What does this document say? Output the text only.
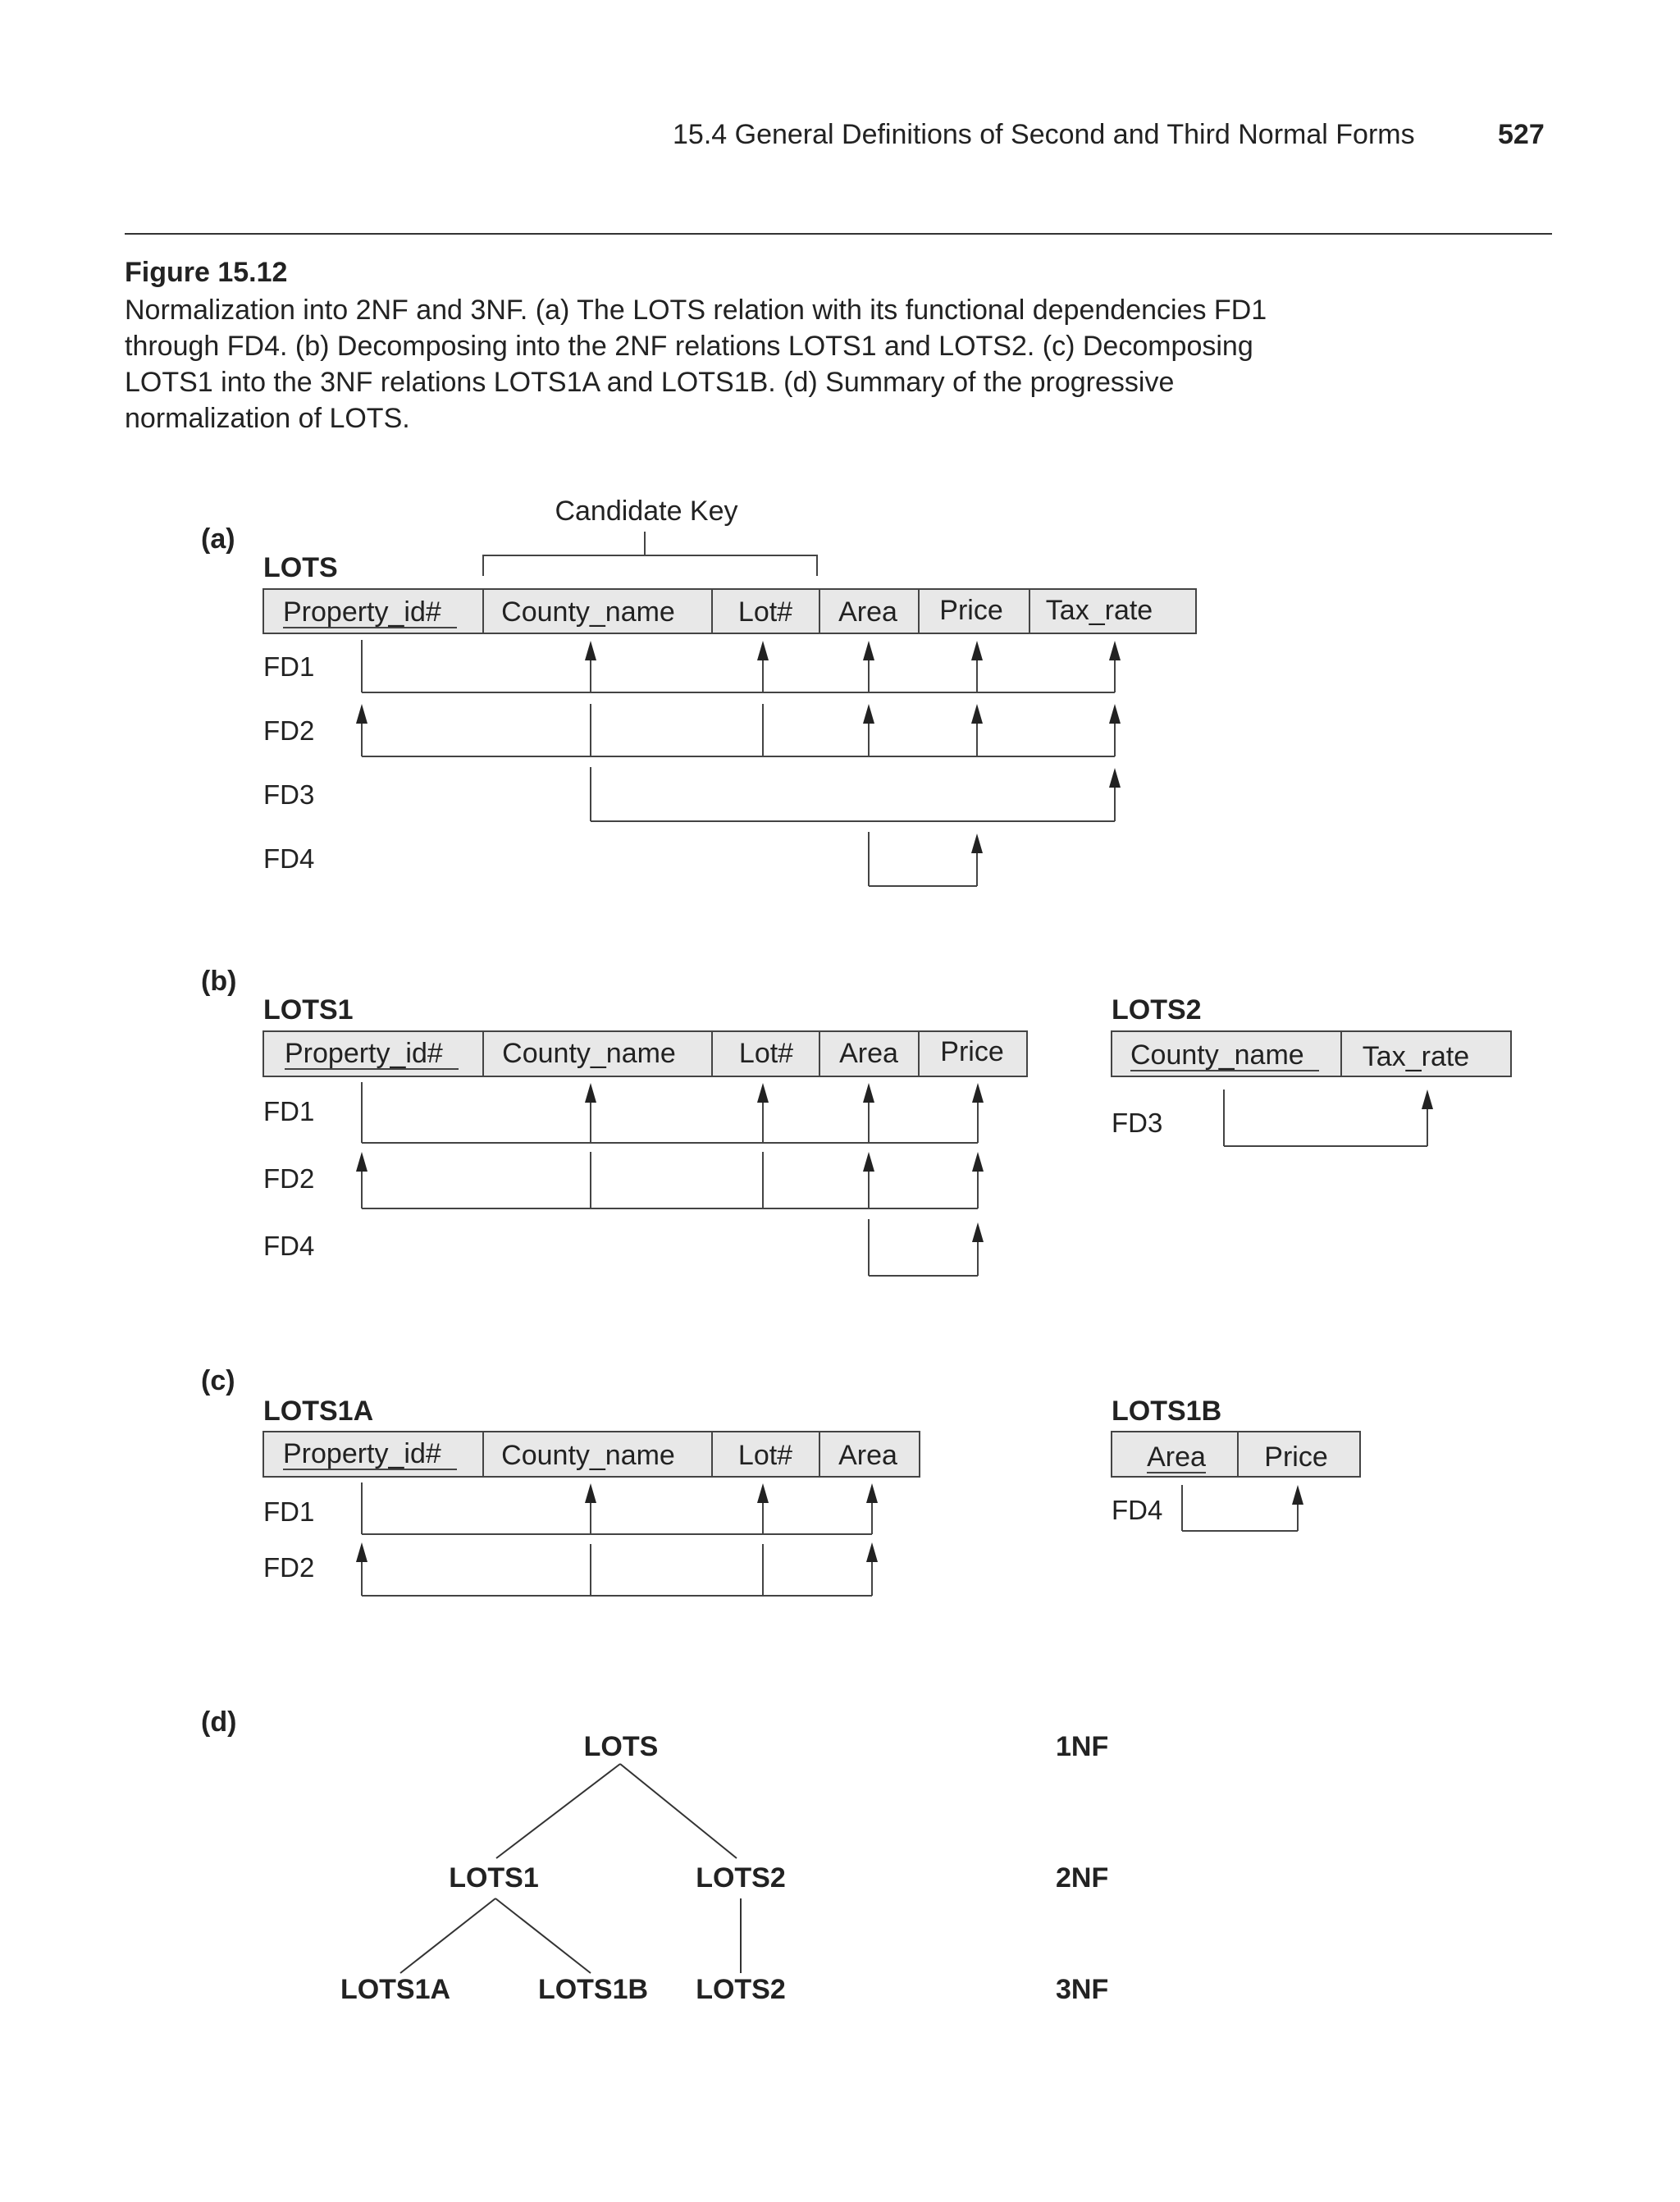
15.4 General Definitions of Second and Third Normal Forms	527
Figure 15.12
Normalization into 2NF and 3NF. (a) The LOTS relation with its functional dependencies FD1 through FD4. (b) Decomposing into the 2NF relations LOTS1 and LOTS2. (c) Decomposing LOTS1 into the 3NF relations LOTS1A and LOTS1B. (d) Summary of the progressive normalization of LOTS.
(a)
Candidate Key
LOTS
Property_id# County_name Lot# Area Price Tax_rate
FD1
FD2
FD3
FD4
(b)
LOTS1
Property_id# County_name Lot# Area Price
FD1
FD2
FD4
LOTS2
County_name Tax_rate
FD3
(c)
LOTS1A
Property_id# County_name Lot# Area
FD1
FD2
LOTS1B
Area Price
FD4
(d)
LOTS
LOTS1	LOTS2
LOTS1A	LOTS1B LOTS2
1NF
2NF
3NF
